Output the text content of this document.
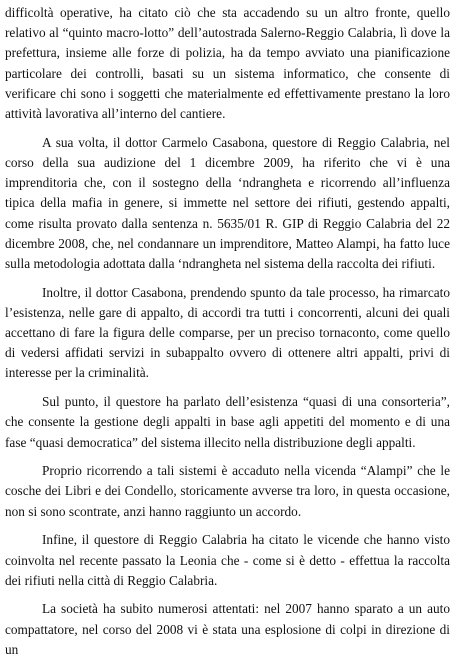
difficoltà operative, ha citato ciò che sta accadendo su un altro fronte, quello relativo al “quinto macro-lotto” dell’autostrada Salerno-Reggio Calabria, lì dove la prefettura, insieme alle forze di polizia, ha da tempo avviato una pianificazione particolare dei controlli, basati su un sistema informatico, che consente di verificare chi sono i soggetti che materialmente ed effettivamente prestano la loro attività lavorativa all’interno del cantiere.

A sua volta, il dottor Carmelo Casabona, questore di Reggio Calabria, nel corso della sua audizione del 1 dicembre 2009, ha riferito che vi è una imprenditoria che, con il sostegno della ‘ndrangheta e ricorrendo all’influenza tipica della mafia in genere, si immette nel settore dei rifiuti, gestendo appalti, come risulta provato dalla sentenza n. 5635/01 R. GIP di Reggio Calabria del 22 dicembre 2008, che, nel condannare un imprenditore, Matteo Alampi, ha fatto luce sulla metodologia adottata dalla ‘ndrangheta nel sistema della raccolta dei rifiuti.

Inoltre, il dottor Casabona, prendendo spunto da tale processo, ha rimarcato l’esistenza, nelle gare di appalto, di accordi tra tutti i concorrenti, alcuni dei quali accettano di fare la figura delle comparse, per un preciso tornaconto, come quello di vedersi affidati servizi in subappalto ovvero di ottenere altri appalti, privi di interesse per la criminalità.

Sul punto, il questore ha parlato dell’esistenza “quasi di una consorteria”, che consente la gestione degli appalti in base agli appetiti del momento e di una fase “quasi democratica” del sistema illecito nella distribuzione degli appalti.

Proprio ricorrendo a tali sistemi è accaduto nella vicenda “Alampi” che le cosche dei Libri e dei Condello, storicamente avverse tra loro, in questa occasione, non si sono scontrate, anzi hanno raggiunto un accordo.

Infine, il questore di Reggio Calabria ha citato le vicende che hanno visto coinvolta nel recente passato la Leonia che - come si è detto - effettua la raccolta dei rifiuti nella città di Reggio Calabria.

La società ha subito numerosi attentati: nel 2007 hanno sparato a un auto compattatore, nel corso del 2008 vi è stata una esplosione di colpi in direzione di un
